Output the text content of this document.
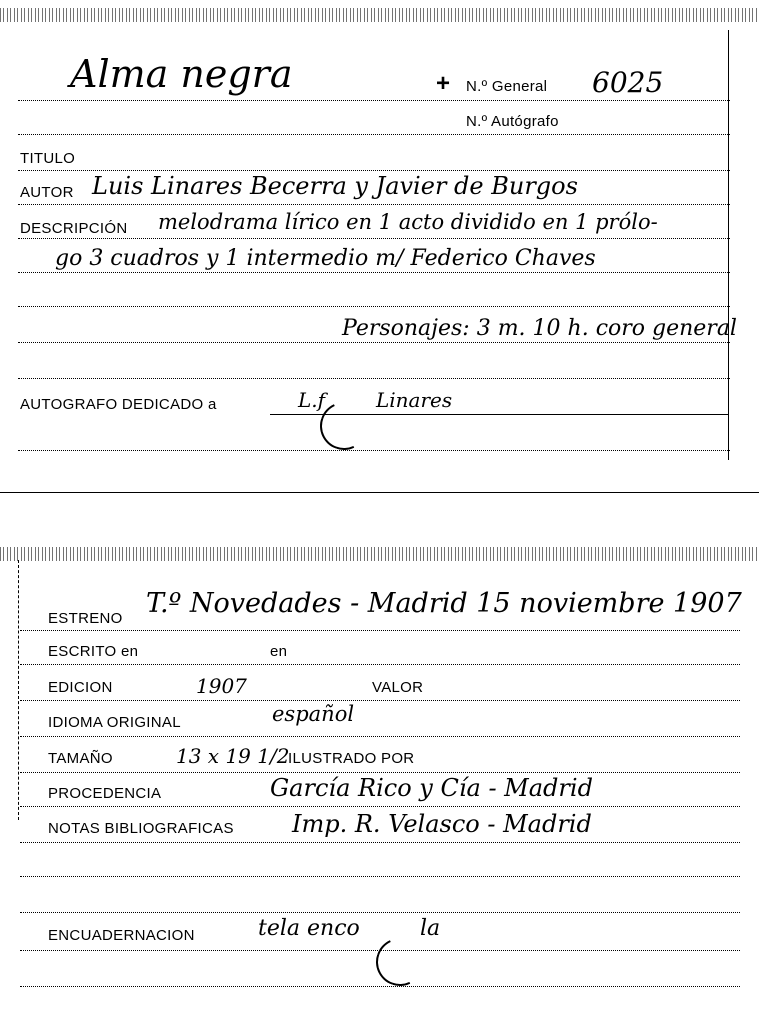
Alma negra	+ N.º General 6025
N.º Autógrafo
TITULO
AUTOR Luis Linares Becerra y Javier de Burgos
DESCRIPCIÓN melodrama lírico en 1 acto dividido en 1 prólo-
go 3 cuadros y 1 intermedio m/ Federico Chaves
Personajes: 3 m. 10 h. coro general
AUTOGRAFO DEDICADO a	L.f	Linares
ESTRENO T.º Novedades - Madrid 15 noviembre 1907
ESCRITO en	en
EDICION	1907	VALOR
IDIOMA ORIGINAL	español
TAMAÑO	13 x 19 1/2
ILUSTRADO POR
PROCEDENCIA	García Rico y Cía - Madrid
NOTAS BIBLIOGRAFICAS Imp. R. Velasco - Madrid
ENCUADERNACION	tela enco	la
